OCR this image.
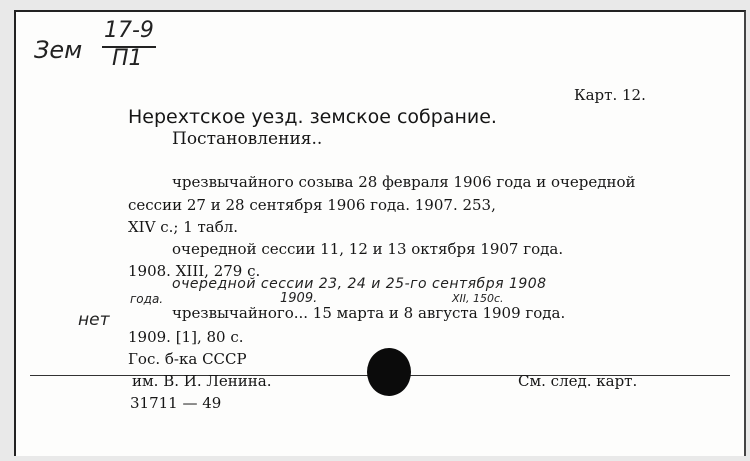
Зем
17-9
П1
Карт. 12.
Нерехтское уезд. земское собрание.
Постановления..
чрезвычайного созыва 28 февраля 1906 года и очередной
сессии 27 и 28 сентября 1906 года. 1907. 253,
XIV с.; 1 табл.
очередной сессии 11, 12 и 13 октября 1907 года.
1908. XIII, 279 с.
очередной сессии 23, 24 и 25-го сентября 1908
года.	1909.	XII, 150с.
нет	чрезвычайного... 15 марта и 8 августа 1909 года.
1909. [1], 80 с.
Гос. б-ка СССР
им. В. И. Ленина.	См. след. карт.
31711 — 49
